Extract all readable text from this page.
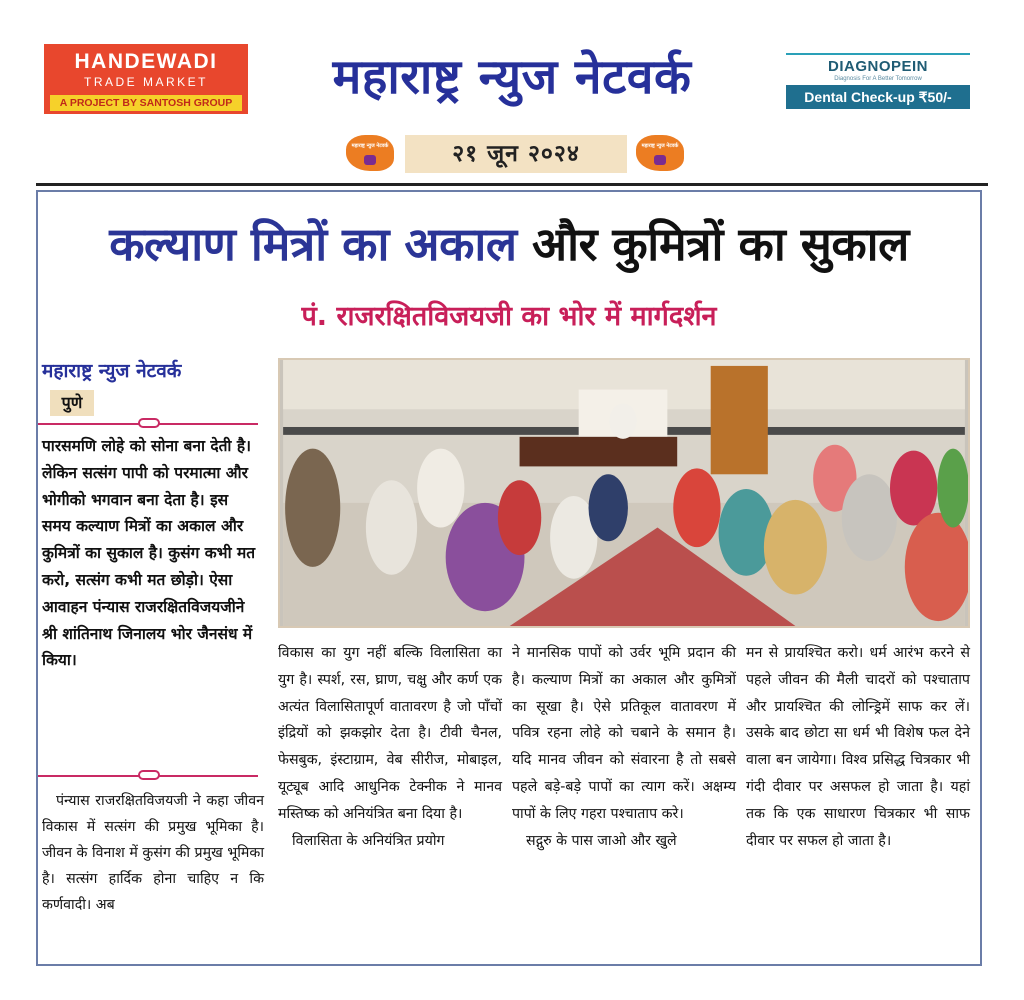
HANDEWADI
TRADE MARKET
A PROJECT BY SANTOSH GROUP	महाराष्ट्र न्युज नेटवर्क	DIAGNOPEIN
Diagnosis For A Better Tomorrow
Dental Check-up ₹50/-
महाराष्ट्र न्युज नेटवर्क	२१ जून २०२४	महाराष्ट्र न्युज नेटवर्क
कल्याण मित्रों का अकाल और कुमित्रों का सुकाल
पं. राजरक्षितविजयजी का भोर में मार्गदर्शन
महाराष्ट्र न्युज नेटवर्क
पुणे

पारसमणि लोहे को सोना बना देती है। लेकिन सत्संग पापी को परमात्मा और भोगीको भगवान बना देता है। इस समय कल्याण मित्रों का अकाल और कुमित्रों का सुकाल है। कुसंग कभी मत करो, सत्संग कभी मत छोड़ो। ऐसा आवाहन पंन्यास राजरक्षितविजयजीने श्री शांतिनाथ जिनालय भोर जैनसंध में किया।

पंन्यास राजरक्षितविजयजी ने कहा जीवन विकास में सत्संग की प्रमुख भूमिका है। जीवन के विनाश में कुसंग की प्रमुख भूमिका है। सत्संग हार्दिक होना चाहिए न कि कर्णवादी। अब

विकास का युग नहीं बल्कि विलासिता का युग है। स्पर्श, रस, घ्राण, चक्षु और कर्ण एक अत्यंत विलासितापूर्ण वातावरण है जो पाँचों इंद्रियों को झकझोर देता है। टीवी चैनल, फेसबुक, इंस्टाग्राम, वेब सीरीज, मोबाइल, यूट्यूब आदि आधुनिक टेक्नीक ने मानव मस्तिष्क को अनियंत्रित बना दिया है।

विलासिता के अनियंत्रित प्रयोग

ने मानसिक पापों को उर्वर भूमि प्रदान की है। कल्याण मित्रों का अकाल और कुमित्रों का सूखा है। ऐसे प्रतिकूल वातावरण में पवित्र रहना लोहे को चबाने के समान है। यदि मानव जीवन को संवारना है तो सबसे पहले बड़े-बड़े पापों का त्याग करें। अक्षम्य पापों के लिए गहरा पश्चाताप करे।

सद्गुरु के पास जाओ और खुले

मन से प्रायश्चित करो। धर्म आरंभ करने से पहले जीवन की मैली चादरों को पश्चाताप और प्रायश्चित की लोन्ड्रिमें साफ कर लें। उसके बाद छोटा सा धर्म भी विशेष फल देने वाला बन जायेगा। विश्व प्रसिद्ध चित्रकार भी गंदी दीवार पर असफल हो जाता है। यहां तक कि एक साधारण चित्रकार भी साफ दीवार पर सफल हो जाता है।
